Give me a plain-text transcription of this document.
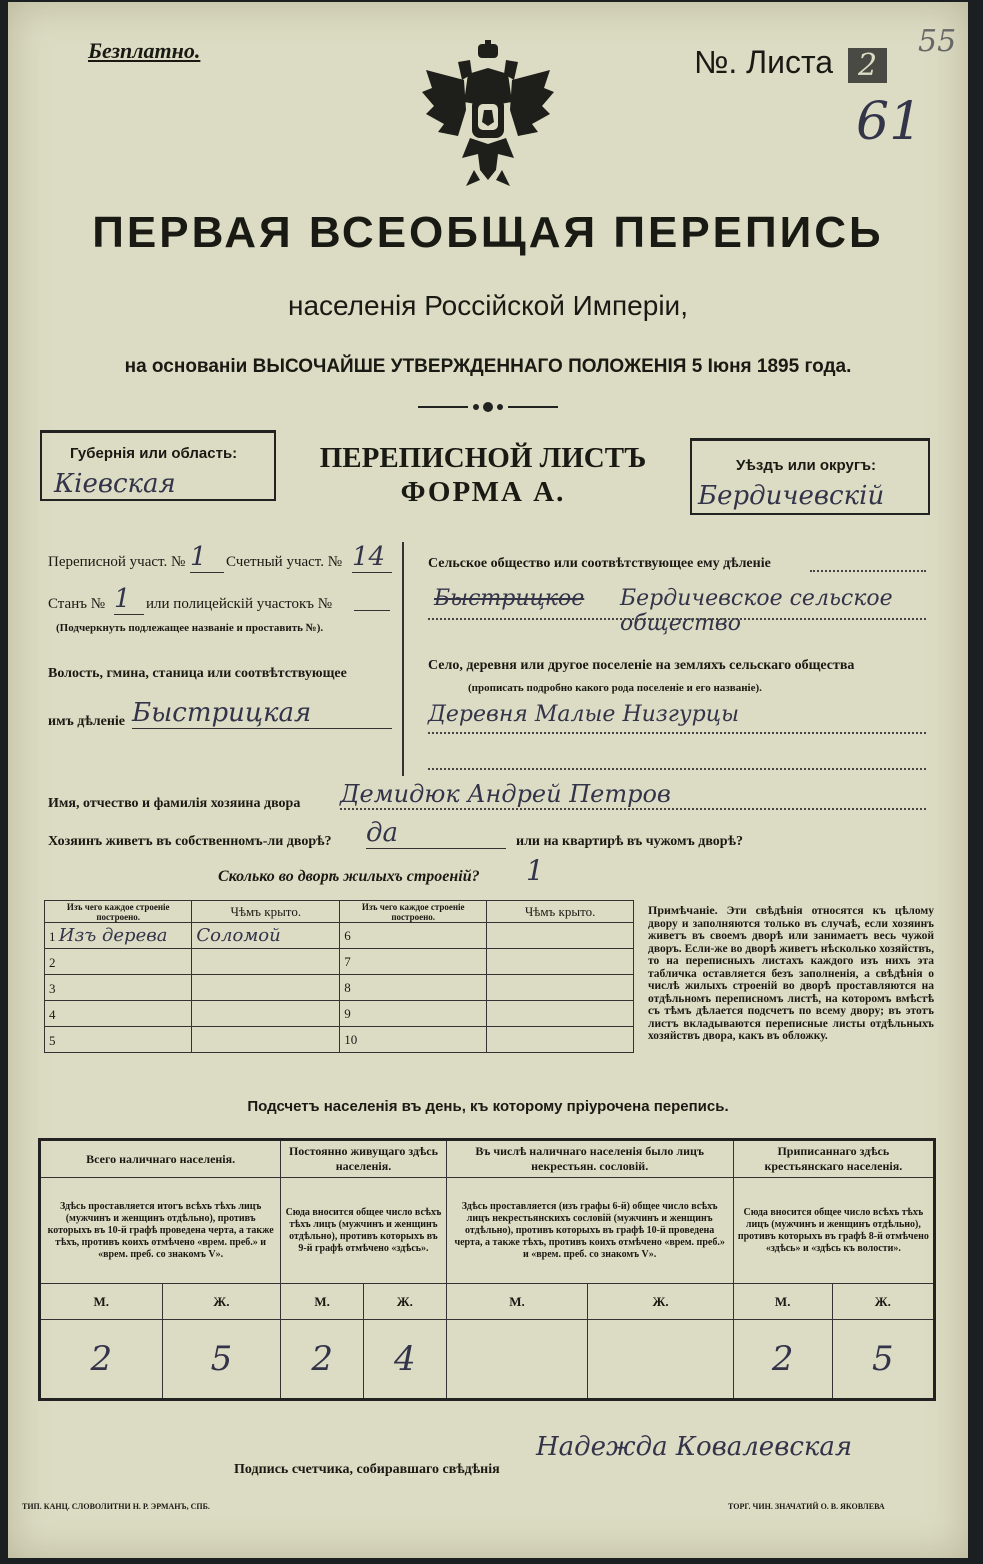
Безплатно.	№. Листа 2
55
61
ПЕРВАЯ ВСЕОБЩАЯ ПЕРЕПИСЬ
населенія Россійской Имперіи,
на основаніи ВЫСОЧАЙШЕ УТВЕРЖДЕННАГО ПОЛОЖЕНІЯ 5 Іюня 1895 года.
Губернія или область:
Кіевская
ПЕРЕПИСНОЙ ЛИСТЪ
ФОРМА А.
Уѣздъ или округъ:
Бердичевскій
Переписной участ. № 1	Счетный участ. № 14
Станъ № 1	или полицейскій участокъ №
(Подчеркнуть подлежащее названіе и проставить №).
Волость, гмина, станица или соотвѣтствующее
имъ дѣленіе Быстрицкая
Сельское общество или соотвѣтствующее ему дѣленіе
Быстрицкое Бердичевское сельское общество
Село, деревня или другое поселеніе на земляхъ сельскаго общества
(прописать подробно какого рода поселеніе и его названіе).
Деревня Малые Низгурцы
Имя, отчество и фамилія хозяина двора Демидюк Андрей Петров
Хозяинъ живетъ въ собственномъ-ли дворѣ? да	или на квартирѣ въ чужомъ дворѣ?
Сколько во дворѣ жилыхъ строеній? 1
Изъ чего каждое строеніе построено.	Чѣмъ крыто.	Изъ чего каждое строеніе построено.	Чѣмъ крыто.
1 Изъ дерева	Соломой	6	
2		7	
3		8	
4		9	
5		10	
Примѣчаніе. Эти свѣдѣнія относятся къ цѣлому двору и заполняются только въ случаѣ, если хозяинъ живетъ въ своемъ дворѣ или занимаетъ весь чужой дворъ. Если-же во дворѣ живетъ нѣсколько хозяйствъ, то на переписныхъ листахъ каждого изъ нихъ эта табличка оставляется безъ заполненія, а свѣдѣнія о числѣ жилыхъ строеній во дворѣ проставляются на отдѣльномъ переписномъ листѣ, на которомъ вмѣстѣ съ тѣмъ дѣлается подсчетъ по всему двору; въ этотъ листъ вкладываются переписные листы отдѣльныхъ хозяйствъ двора, какъ въ обложку.
Подсчетъ населенія въ день, къ которому пріурочена перепись.
Всего наличнаго населенія.		Постоянно живущаго здѣсь населенія.		Въ числѣ наличнаго населенія было лицъ некрестьян. сословій.		Приписаннаго здѣсь крестьянскаго населенія.	
Здѣсь проставляется итогъ всѣхъ тѣхъ лицъ (мужчинъ и женщинъ отдѣльно), противъ которыхъ въ 10-й графѣ проведена черта, а также тѣхъ, противъ коихъ отмѣчено «врем. преб.» и «врем. преб. со знакомъ V».		Сюда вносится общее число всѣхъ тѣхъ лицъ (мужчинъ и женщинъ отдѣльно), противъ которыхъ въ 9-й графѣ отмѣчено «здѣсь».		Здѣсь проставляется (изъ графы 6-й) общее число всѣхъ лицъ некрестьянскихъ сословій (мужчинъ и женщинъ отдѣльно), противъ которыхъ въ графѣ 10-й проведена черта, а также тѣхъ, противъ коихъ отмѣчено «врем. преб.» и «врем. преб. со знакомъ V».		Сюда вносится общее число всѣхъ тѣхъ лицъ (мужчинъ и женщинъ отдѣльно), противъ которыхъ въ графѣ 8-й отмѣчено «здѣсь» и «здѣсь къ волости».	
М.	Ж.	М.	Ж.	М.	Ж.	М.	Ж.
2	5	2	4			2	5
Подпись счетчика, собиравшаго свѣдѣнія
Надежда Ковалевская
ТИП. КАНЦ. СЛОВОЛИТНИ Н. Р. ЭРМАНЪ, СПБ.	ТОРГ. ЧИН. ЗНАЧАТИЙ О. В. ЯКОВЛЕВА
